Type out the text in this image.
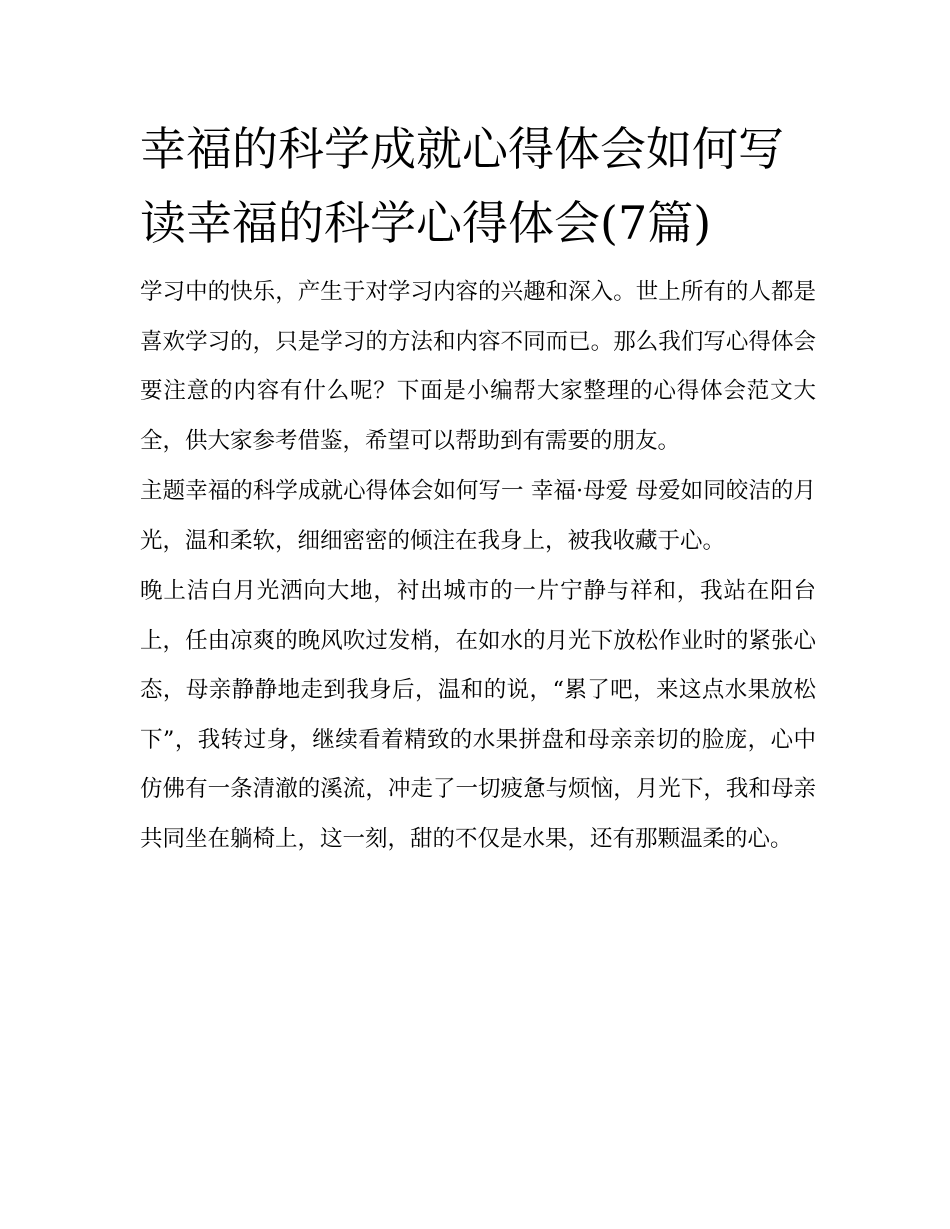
幸福的科学成就心得体会如何写 读幸福的科学心得体会(7篇)

学习中的快乐，产生于对学习内容的兴趣和深入。世上所有的人都是喜欢学习的，只是学习的方法和内容不同而已。那么我们写心得体会要注意的内容有什么呢？下面是小编帮大家整理的心得体会范文大全，供大家参考借鉴，希望可以帮助到有需要的朋友。

主题幸福的科学成就心得体会如何写一 幸福·母爱 母爱如同皎洁的月光，温和柔软，细细密密的倾注在我身上，被我收藏于心。

晚上洁白月光洒向大地，衬出城市的一片宁静与祥和，我站在阳台上，任由凉爽的晚风吹过发梢，在如水的月光下放松作业时的紧张心态，母亲静静地走到我身后，温和的说，“累了吧，来这点水果放松下”，我转过身，继续看着精致的水果拼盘和母亲亲切的脸庞，心中仿佛有一条清澈的溪流，冲走了一切疲惫与烦恼，月光下，我和母亲共同坐在躺椅上，这一刻，甜的不仅是水果，还有那颗温柔的心。
